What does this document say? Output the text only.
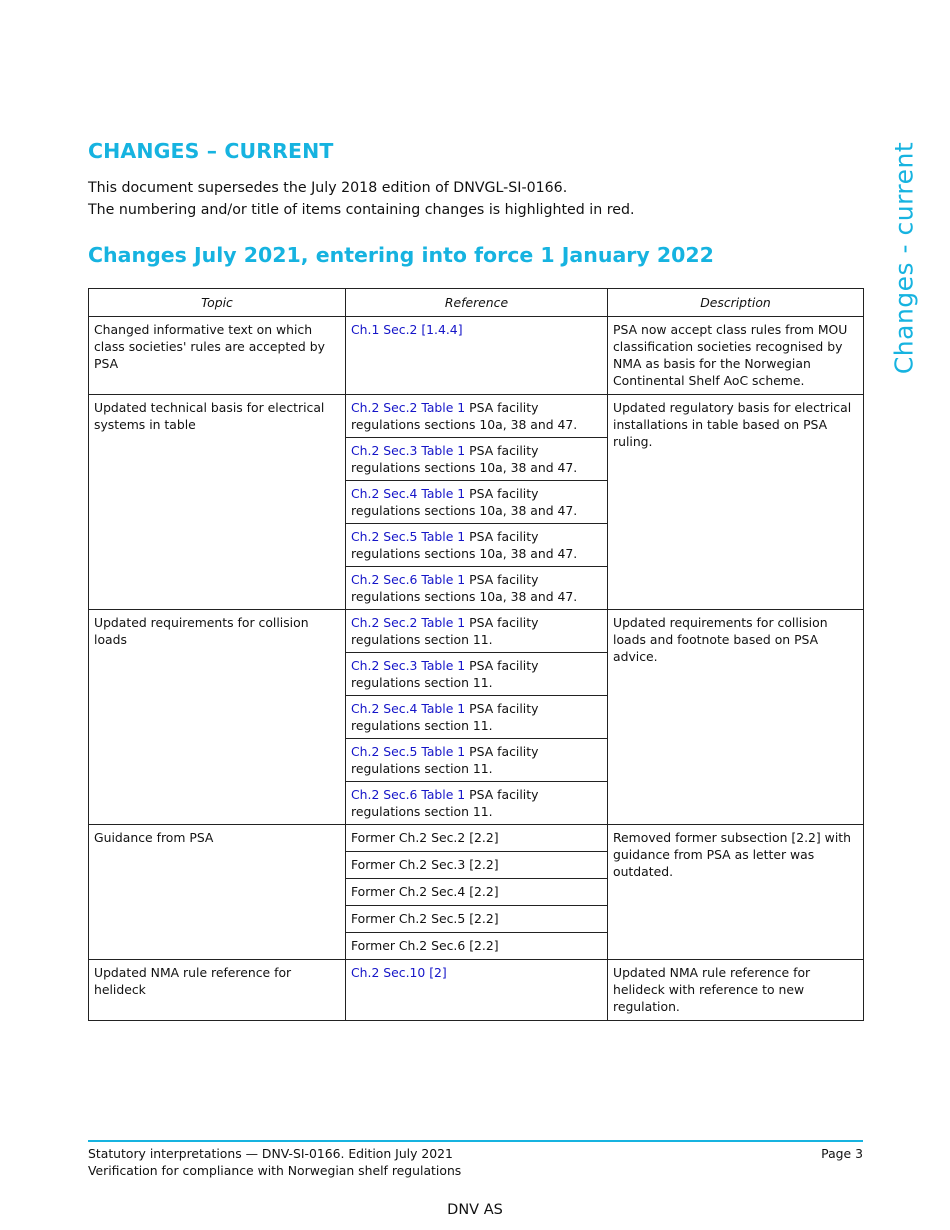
Changes - current
CHANGES – CURRENT
This document supersedes the July 2018 edition of DNVGL-SI-0166.
The numbering and/or title of items containing changes is highlighted in red.
Changes July 2021, entering into force 1 January 2022
Topic	Reference	Description
Changed informative text on which class societies' rules are accepted by PSA	Ch.1 Sec.2 [1.4.4]	PSA now accept class rules from MOU classification societies recognised by NMA as basis for the Norwegian Continental Shelf AoC scheme.
Updated technical basis for electrical systems in table	Ch.2 Sec.2 Table 1 PSA facility regulations sections 10a, 38 and 47.	Updated regulatory basis for electrical installations in table based on PSA ruling.
	Ch.2 Sec.3 Table 1 PSA facility regulations sections 10a, 38 and 47.	
	Ch.2 Sec.4 Table 1 PSA facility regulations sections 10a, 38 and 47.	
	Ch.2 Sec.5 Table 1 PSA facility regulations sections 10a, 38 and 47.	
	Ch.2 Sec.6 Table 1 PSA facility regulations sections 10a, 38 and 47.	
Updated requirements for collision loads	Ch.2 Sec.2 Table 1 PSA facility regulations section 11.	Updated requirements for collision loads and footnote based on PSA advice.
	Ch.2 Sec.3 Table 1 PSA facility regulations section 11.	
	Ch.2 Sec.4 Table 1 PSA facility regulations section 11.	
	Ch.2 Sec.5 Table 1 PSA facility regulations section 11.	
	Ch.2 Sec.6 Table 1 PSA facility regulations section 11.	
Guidance from PSA	Former Ch.2 Sec.2 [2.2]	Removed former subsection [2.2] with guidance from PSA as letter was outdated.
	Former Ch.2 Sec.3 [2.2]	
	Former Ch.2 Sec.4 [2.2]	
	Former Ch.2 Sec.5 [2.2]	
	Former Ch.2 Sec.6 [2.2]	
Updated NMA rule reference for helideck	Ch.2 Sec.10 [2]	Updated NMA rule reference for helideck with reference to new regulation.
Statutory interpretations — DNV-SI-0166. Edition July 2021
Verification for compliance with Norwegian shelf regulations
Page 3
DNV AS
